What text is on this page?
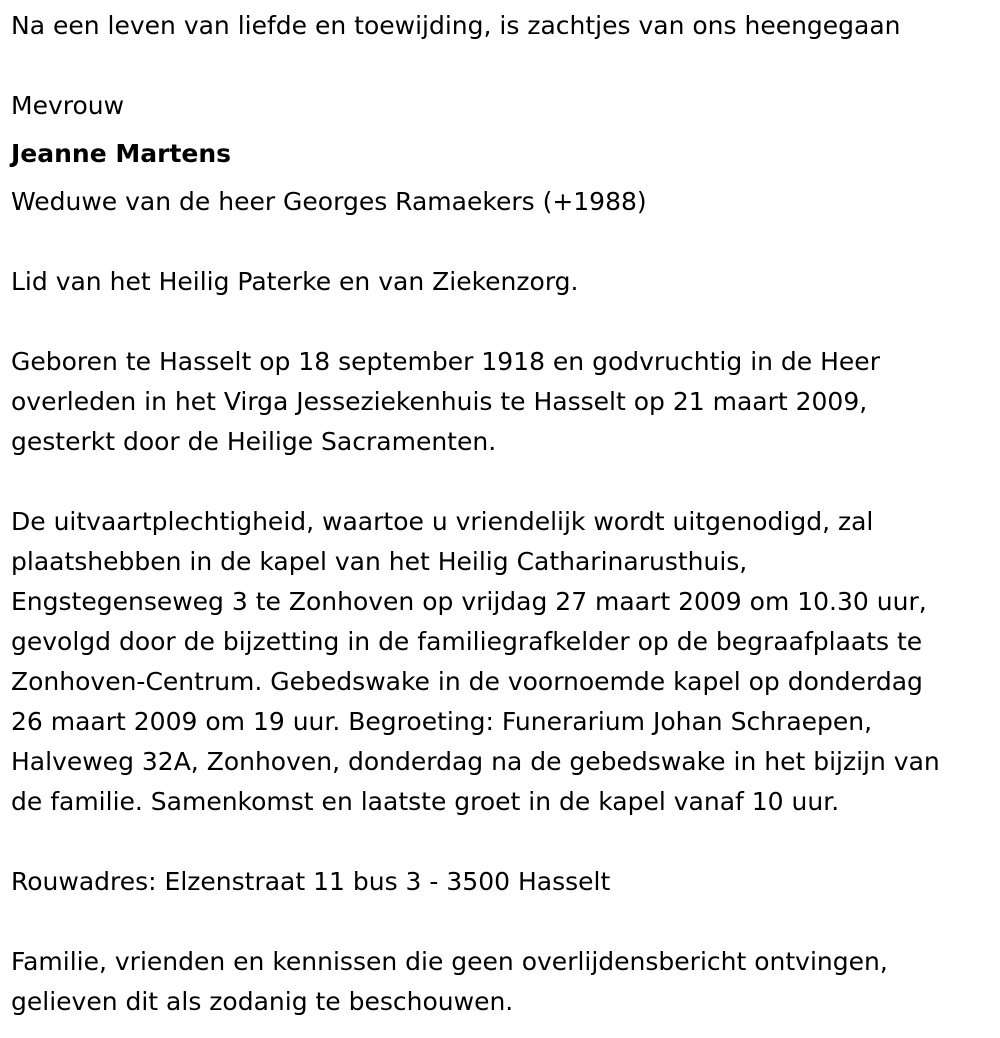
Na een leven van liefde en toewijding, is zachtjes van ons heengegaan
Mevrouw
Jeanne Martens
Weduwe van de heer Georges Ramaekers (+1988)
Lid van het Heilig Paterke en van Ziekenzorg.
Geboren te Hasselt op 18 september 1918 en godvruchtig in de Heer
overleden in het Virga Jesseziekenhuis te Hasselt op 21 maart 2009,
gesterkt door de Heilige Sacramenten.
De uitvaartplechtigheid, waartoe u vriendelijk wordt uitgenodigd, zal
plaatshebben in de kapel van het Heilig Catharinarusthuis,
Engstegenseweg 3 te Zonhoven op vrijdag 27 maart 2009 om 10.30 uur,
gevolgd door de bijzetting in de familiegrafkelder op de begraafplaats te
Zonhoven-Centrum. Gebedswake in de voornoemde kapel op donderdag
26 maart 2009 om 19 uur. Begroeting: Funerarium Johan Schraepen,
Halveweg 32A, Zonhoven, donderdag na de gebedswake in het bijzijn van
de familie. Samenkomst en laatste groet in de kapel vanaf 10 uur.
Rouwadres: Elzenstraat 11 bus 3 - 3500 Hasselt
Familie, vrienden en kennissen die geen overlijdensbericht ontvingen,
gelieven dit als zodanig te beschouwen.
